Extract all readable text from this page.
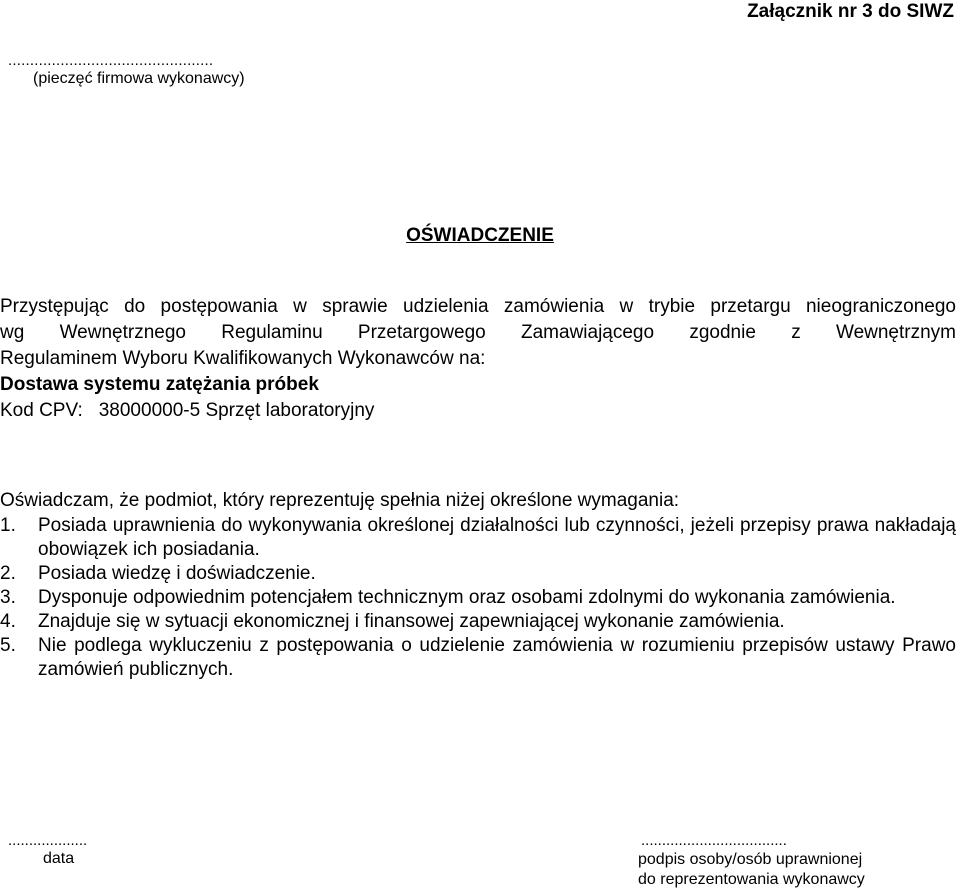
Załącznik nr 3 do SIWZ

...............................................

(pieczęć firmowa wykonawcy)

OŚWIADCZENIE
Przystępując do postępowania w sprawie udzielenia zamówienia w trybie przetargu nieograniczonego
wg Wewnętrznego Regulaminu Przetargowego Zamawiającego zgodnie z Wewnętrznym
Regulaminem Wyboru Kwalifikowanych Wykonawców na:
Dostawa systemu zatężania próbek
Kod CPV: 38000000-5 Sprzęt laboratoryjny

Oświadczam, że podmiot, który reprezentuję spełnia niżej określone wymagania:

1.	Posiada uprawnienia do wykonywania określonej działalności lub czynności, jeżeli przepisy prawa nakładają obowiązek ich posiadania.
2.	Posiada wiedzę i doświadczenie.
3.	Dysponuje odpowiednim potencjałem technicznym oraz osobami zdolnymi do wykonania zamówienia.
4.	Znajduje się w sytuacji ekonomicznej i finansowej zapewniającej wykonanie zamówienia.
5.	Nie podlega wykluczeniu z postępowania o udzielenie zamówienia w rozumieniu przepisów ustawy Prawo zamówień publicznych.

...................

data

...................................

podpis osoby/osób uprawnionej
do reprezentowania wykonawcy
